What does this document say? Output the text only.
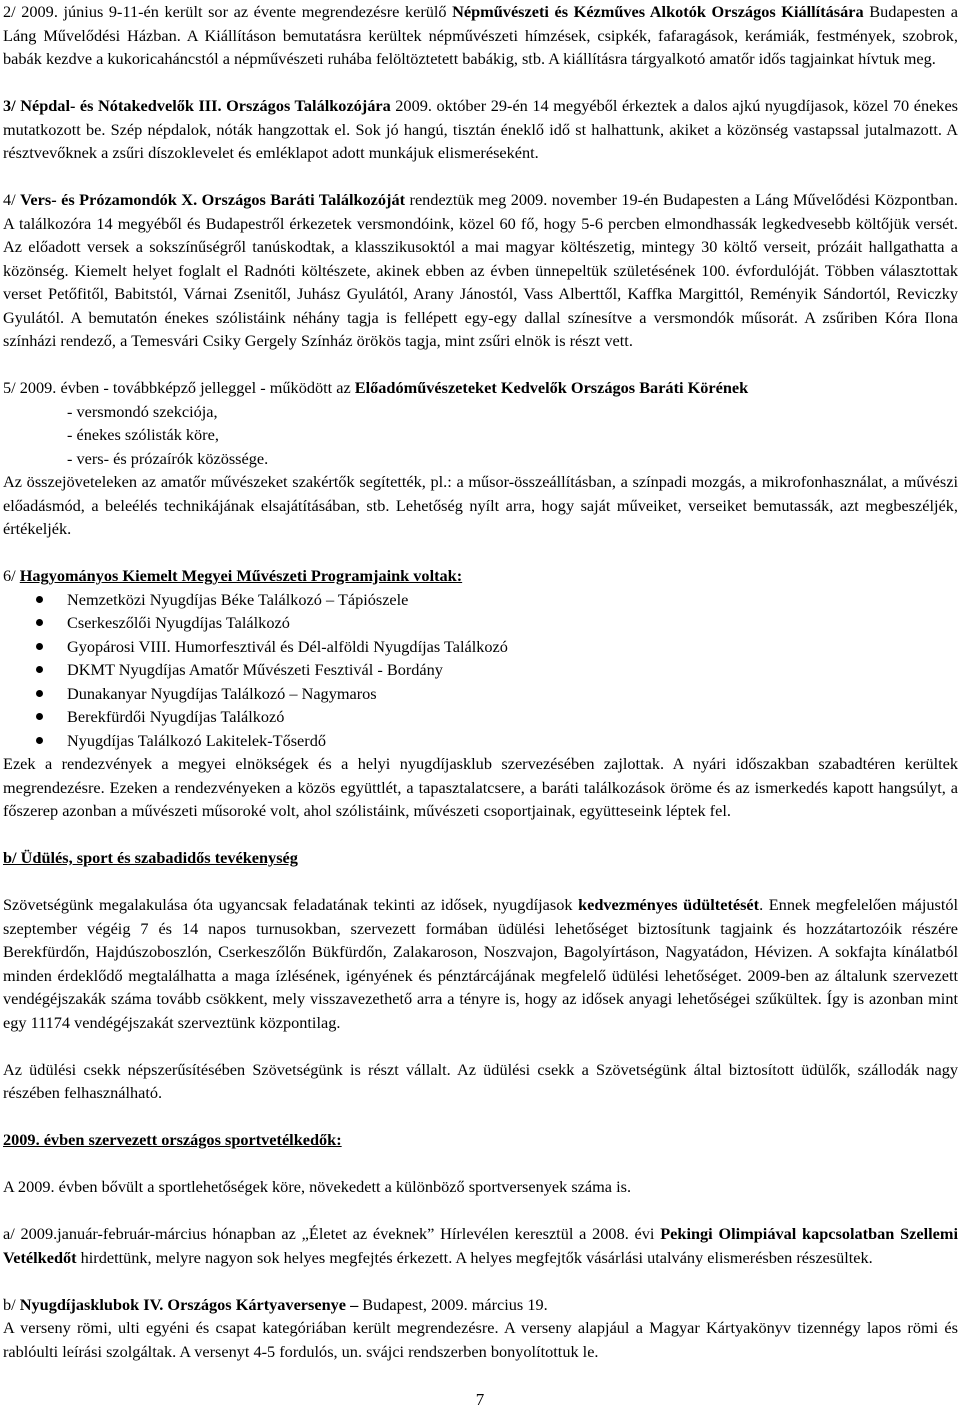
2/ 2009. június 9-11-én került sor az évente megrendezésre kerülő Népművészeti és Kézműves Alkotók Országos Kiállítására Budapesten a Láng Művelődési Házban. A Kiállításon bemutatásra kerültek népművészeti hímzések, csipkék, fafaragások, kerámiák, festmények, szobrok, babák kezdve a kukoricaháncstól a népművészeti ruhába felöltöztetett babákig, stb. A kiállításra tárgyalkotó amatőr idős tagjainkat hívtuk meg.

3/ Népdal- és Nótakedvelők III. Országos Találkozójára 2009. október 29-én 14 megyéből érkeztek a dalos ajkú nyugdíjasok, közel 70 énekes mutatkozott be. Szép népdalok, nóták hangzottak el. Sok jó hangú, tisztán éneklő idő st halhattunk, akiket a közönség vastapssal jutalmazott. A résztvevőknek a zsűri díszoklevelet és emléklapot adott munkájuk elismeréseként.

4/ Vers- és Prózamondók X. Országos Baráti Találkozóját rendeztük meg 2009. november 19-én Budapesten a Láng Művelődési Központban. A találkozóra 14 megyéből és Budapestről érkezetek versmondóink, közel 60 fő, hogy 5-6 percben elmondhassák legkedvesebb költőjük versét. Az előadott versek a sokszínűségről tanúskodtak, a klasszikusoktól a mai magyar költészetig, mintegy 30 költő verseit, prózáit hallgathatta a közönség. Kiemelt helyet foglalt el Radnóti költészete, akinek ebben az évben ünnepeltük születésének 100. évfordulóját. Többen választottak verset Petőfitől, Babitstól, Várnai Zsenitől, Juhász Gyulától, Arany Jánostól, Vass Alberttől, Kaffka Margittól, Reményik Sándortól, Reviczky Gyulától. A bemutatón énekes szólistáink néhány tagja is fellépett egy-egy dallal színesítve a versmondók műsorát. A zsűriben Kóra Ilona színházi rendező, a Temesvári Csiky Gergely Színház örökös tagja, mint zsűri elnök is részt vett.

5/ 2009. évben - továbbképző jelleggel - működött az Előadóművészeteket Kedvelők Országos Baráti Körének

- versmondó szekciója,

- énekes szólisták köre,

- vers- és prózaírók közössége.

Az összejöveteleken az amatőr művészeket szakértők segítették, pl.: a műsor-összeállításban, a színpadi mozgás, a mikrofonhasználat, a művészi előadásmód, a beleélés technikájának elsajátításában, stb. Lehetőség nyílt arra, hogy saját műveiket, verseiket bemutassák, azt megbeszéljék, értékeljék.

6/ Hagyományos Kiemelt Megyei Művészeti Programjaink voltak:

Nemzetközi Nyugdíjas Béke Találkozó – Tápiószele
Cserkeszőlői Nyugdíjas Találkozó
Gyopárosi VIII. Humorfesztivál és Dél-alföldi Nyugdíjas Találkozó
DKMT Nyugdíjas Amatőr Művészeti Fesztivál - Bordány
Dunakanyar Nyugdíjas Találkozó – Nagymaros
Berekfürdői Nyugdíjas Találkozó
Nyugdíjas Találkozó Lakitelek-Tőserdő

Ezek a rendezvények a megyei elnökségek és a helyi nyugdíjasklub szervezésében zajlottak. A nyári időszakban szabadtéren kerültek megrendezésre. Ezeken a rendezvényeken a közös együttlét, a tapasztalatcsere, a baráti találkozások öröme és az ismerkedés kapott hangsúlyt, a főszerep azonban a művészeti műsoroké volt, ahol szólistáink, művészeti csoportjainak, együtteseink léptek fel.

b/ Üdülés, sport és szabadidős tevékenység

Szövetségünk megalakulása óta ugyancsak feladatának tekinti az idősek, nyugdíjasok kedvezményes üdültetését. Ennek megfelelően májustól szeptember végéig 7 és 14 napos turnusokban, szervezett formában üdülési lehetőséget biztosítunk tagjaink és hozzátartozóik részére Berekfürdőn, Hajdúszoboszlón, Cserkeszőlőn Bükfürdőn, Zalakaroson, Noszvajon, Bagolyírtáson, Nagyatádon, Hévizen. A sokfajta kínálatból minden érdeklődő megtalálhatta a maga ízlésének, igényének és pénztárcájának megfelelő üdülési lehetőséget. 2009-ben az általunk szervezett vendégéjszakák száma tovább csökkent, mely visszavezethető arra a tényre is, hogy az idősek anyagi lehetőségei szűkültek. Így is azonban mint egy 11174 vendégéjszakát szerveztünk központilag.

Az üdülési csekk népszerűsítésében Szövetségünk is részt vállalt. Az üdülési csekk a Szövetségünk által biztosított üdülők, szállodák nagy részében felhasználható.

2009. évben szervezett országos sportvetélkedők:

A 2009. évben bővült a sportlehetőségek köre, növekedett a különböző sportversenyek száma is.

a/ 2009.január-február-március hónapban az „Életet az éveknek” Hírlevélen keresztül a 2008. évi Pekingi Olimpiával kapcsolatban Szellemi Vetélkedőt hirdettünk, melyre nagyon sok helyes megfejtés érkezett. A helyes megfejtők vásárlási utalvány elismerésben részesültek.

b/ Nyugdíjasklubok IV. Országos Kártyaversenye – Budapest, 2009. március 19.

A verseny römi, ulti egyéni és csapat kategóriában került megrendezésre. A verseny alapjául a Magyar Kártyakönyv tizennégy lapos römi és rablóulti leírási szolgáltak. A versenyt 4-5 fordulós, un. svájci rendszerben bonyolítottuk le.

7
